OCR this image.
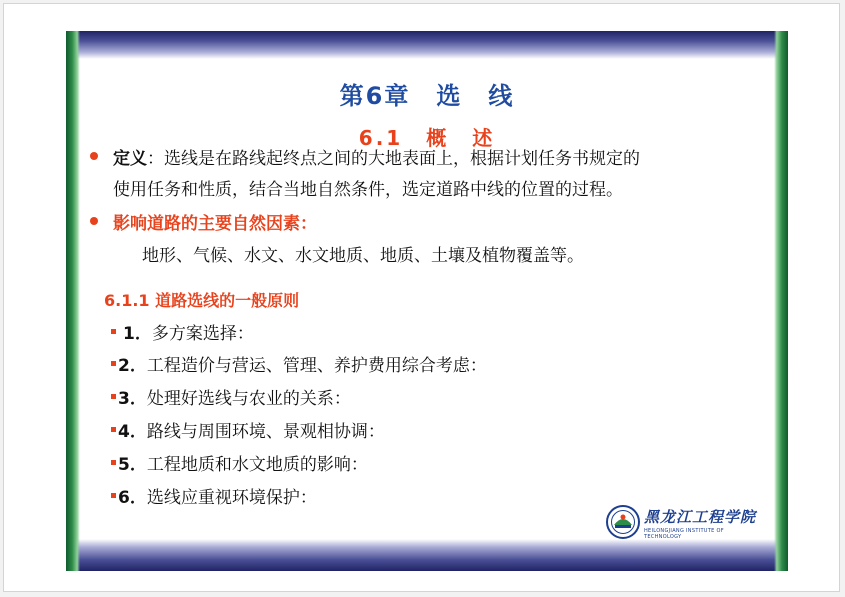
第6章　选　线
6.1　概　述
定义：选线是在路线起终点之间的大地表面上，根据计划任务书规定的
使用任务和性质，结合当地自然条件，选定道路中线的位置的过程。
影响道路的主要自然因素：
地形、气候、水文、水文地质、地质、土壤及植物覆盖等。
6.1.1 道路选线的一般原则
1．多方案选择：
2．工程造价与营运、管理、养护费用综合考虑：
3．处理好选线与农业的关系：
4．路线与周围环境、景观相协调：
5．工程地质和水文地质的影响：
6．选线应重视环境保护：
黑龙江工程学院
HEILONGJIANG INSTITUTE OF TECHNOLOGY
